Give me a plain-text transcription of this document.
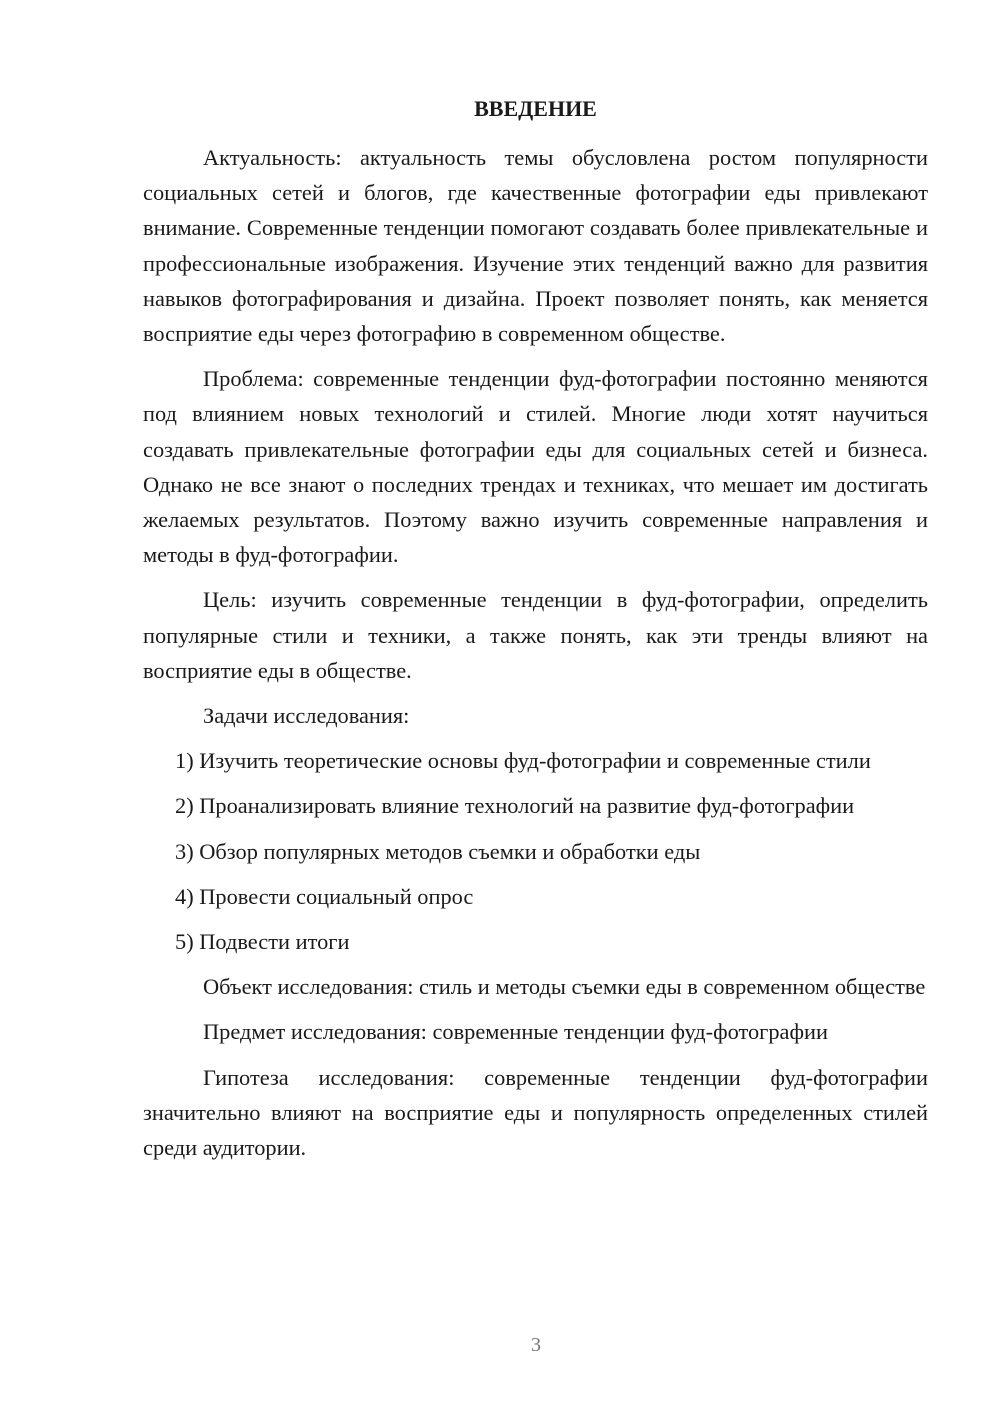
ВВЕДЕНИЕ

Актуальность: актуальность темы обусловлена ростом популярности социальных сетей и блогов, где качественные фотографии еды привлекают внимание. Современные тенденции помогают создавать более привлекательные и профессиональные изображения. Изучение этих тенденций важно для развития навыков фотографирования и дизайна. Проект позволяет понять, как меняется восприятие еды через фотографию в современном обществе.

Проблема: современные тенденции фуд-фотографии постоянно меняются под влиянием новых технологий и стилей. Многие люди хотят научиться создавать привлекательные фотографии еды для социальных сетей и бизнеса. Однако не все знают о последних трендах и техниках, что мешает им достигать желаемых результатов. Поэтому важно изучить современные направления и методы в фуд-фотографии.

Цель: изучить современные тенденции в фуд-фотографии, определить популярные стили и техники, а также понять, как эти тренды влияют на восприятие еды в обществе.

Задачи исследования:

1) Изучить теоретические основы фуд-фотографии и современные стили

2) Проанализировать влияние технологий на развитие фуд-фотографии

3) Обзор популярных методов съемки и обработки еды

4) Провести социальный опрос

5) Подвести итоги

Объект исследования: стиль и методы съемки еды в современном обществе

Предмет исследования: современные тенденции фуд-фотографии

Гипотеза исследования: современные тенденции фуд-фотографии значительно влияют на восприятие еды и популярность определенных стилей среди аудитории.

3
